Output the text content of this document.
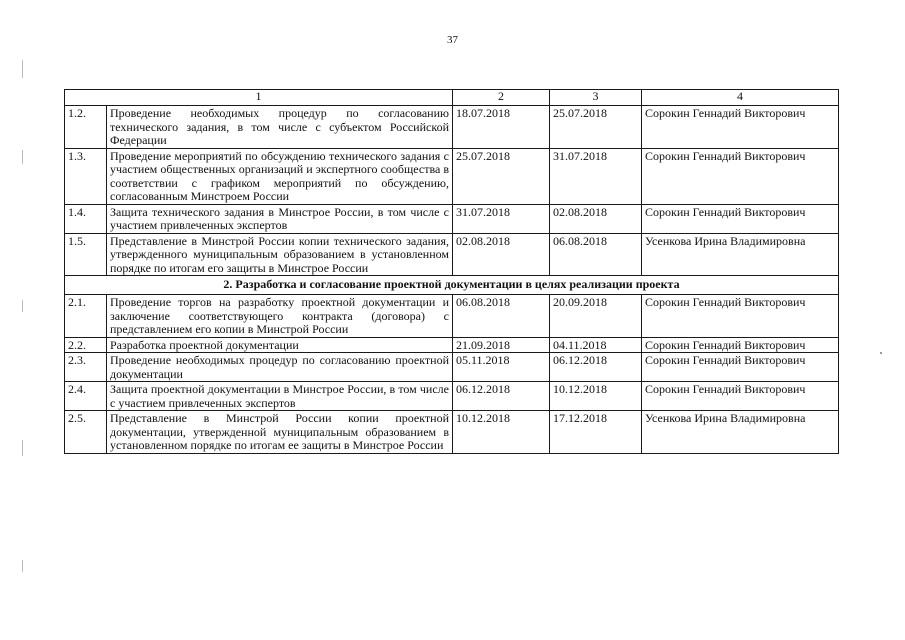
37
1		2	3	4
1.2.	Проведение необходимых процедур по согласованию технического задания, в том числе с субъектом Российской Федерации	18.07.2018	25.07.2018	Сорокин Геннадий Викторович
1.3.	Проведение мероприятий по обсуждению технического задания с участием общественных организаций и экспертного сообщества в соответствии с графиком мероприятий по обсуждению, согласованным Минстроем России	25.07.2018	31.07.2018	Сорокин Геннадий Викторович
1.4.	Защита технического задания в Минстрое России, в том числе с участием привлеченных экспертов	31.07.2018	02.08.2018	Сорокин Геннадий Викторович
1.5.	Представление в Минстрой России копии технического задания, утвержденного муниципальным образованием в установленном порядке по итогам его защиты в Минстрое России	02.08.2018	06.08.2018	Усенкова Ирина Владимировна
2. Разработка и согласование проектной документации в целях реализации проекта				
2.1.	Проведение торгов на разработку проектной документации и заключение соответствующего контракта (договора) с представлением его копии в Минстрой России	06.08.2018	20.09.2018	Сорокин Геннадий Викторович
2.2.	Разработка проектной документации	21.09.2018	04.11.2018	Сорокин Геннадий Викторович
2.3.	Проведение необходимых процедур по согласованию проектной документации	05.11.2018	06.12.2018	Сорокин Геннадий Викторович
2.4.	Защита проектной документации в Минстрое России, в том числе с участием привлеченных экспертов	06.12.2018	10.12.2018	Сорокин Геннадий Викторович
2.5.	Представление в Минстрой России копии проектной документации, утвержденной муниципальным образованием в установленном порядке по итогам ее защиты в Минстрое России	10.12.2018	17.12.2018	Усенкова Ирина Владимировна
